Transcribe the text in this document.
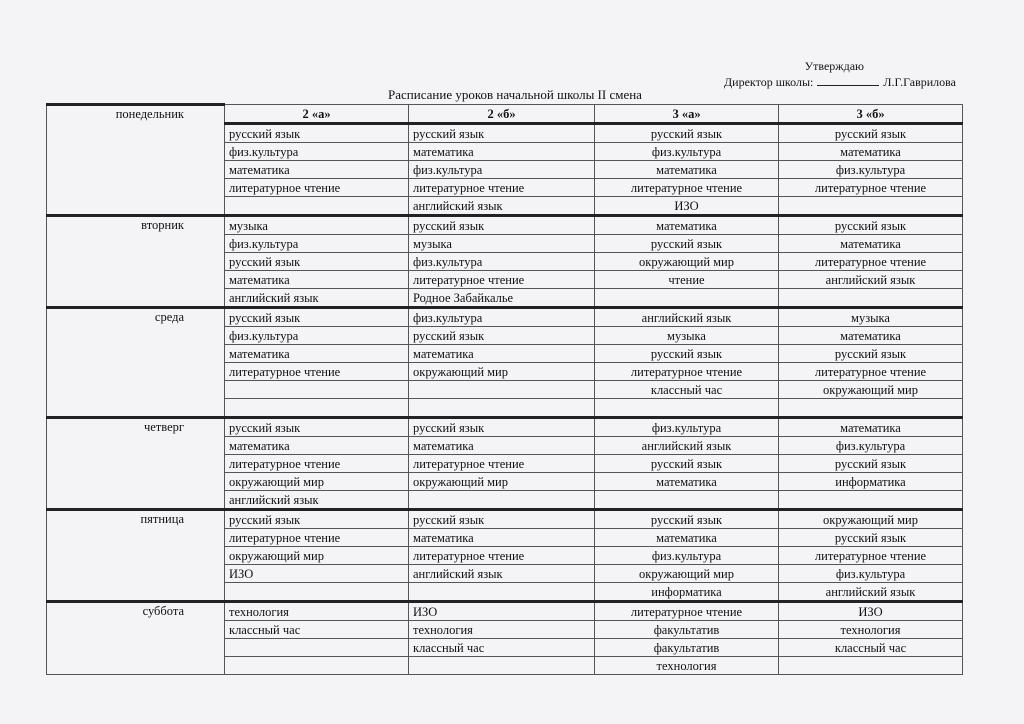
Утверждаю
Директор школы:	Л.Г.Гаврилова
Расписание уроков начальной школы II смена
понедельник	2 «а»	2 «б»	3 «а»	3 «б»
	русский язык	русский язык	русский язык	русский язык
	физ.культура	математика	физ.культура	математика
	математика	физ.культура	математика	физ.культура
	литературное чтение	литературное чтение	литературное чтение	литературное чтение
		английский язык	ИЗО	
вторник	музыка	русский язык	математика	русский язык
	физ.культура	музыка	русский язык	математика
	русский язык	физ.культура	окружающий мир	литературное чтение
	математика	литературное чтение	чтение	английский язык
	английский язык	Родное Забайкалье		
среда	русский язык	физ.культура	английский язык	музыка
	физ.культура	русский язык	музыка	математика
	математика	математика	русский язык	русский язык
	литературное чтение	окружающий мир	литературное чтение	литературное чтение
			классный час	окружающий мир

четверг	русский язык	русский язык	физ.культура	математика
	математика	математика	английский язык	физ.культура
	литературное чтение	литературное чтение	русский язык	русский язык
	окружающий мир	окружающий мир	математика	информатика
	английский язык			
пятница	русский язык	русский язык	русский язык	окружающий мир
	литературное чтение	математика	математика	русский язык
	окружающий мир	литературное чтение	физ.культура	литературное чтение
	ИЗО	английский язык	окружающий мир	физ.культура
			информатика	английский язык
суббота	технология	ИЗО	литературное чтение	ИЗО
	классный час	технология	факультатив	технология
		классный час	факультатив	классный час
			технология	
